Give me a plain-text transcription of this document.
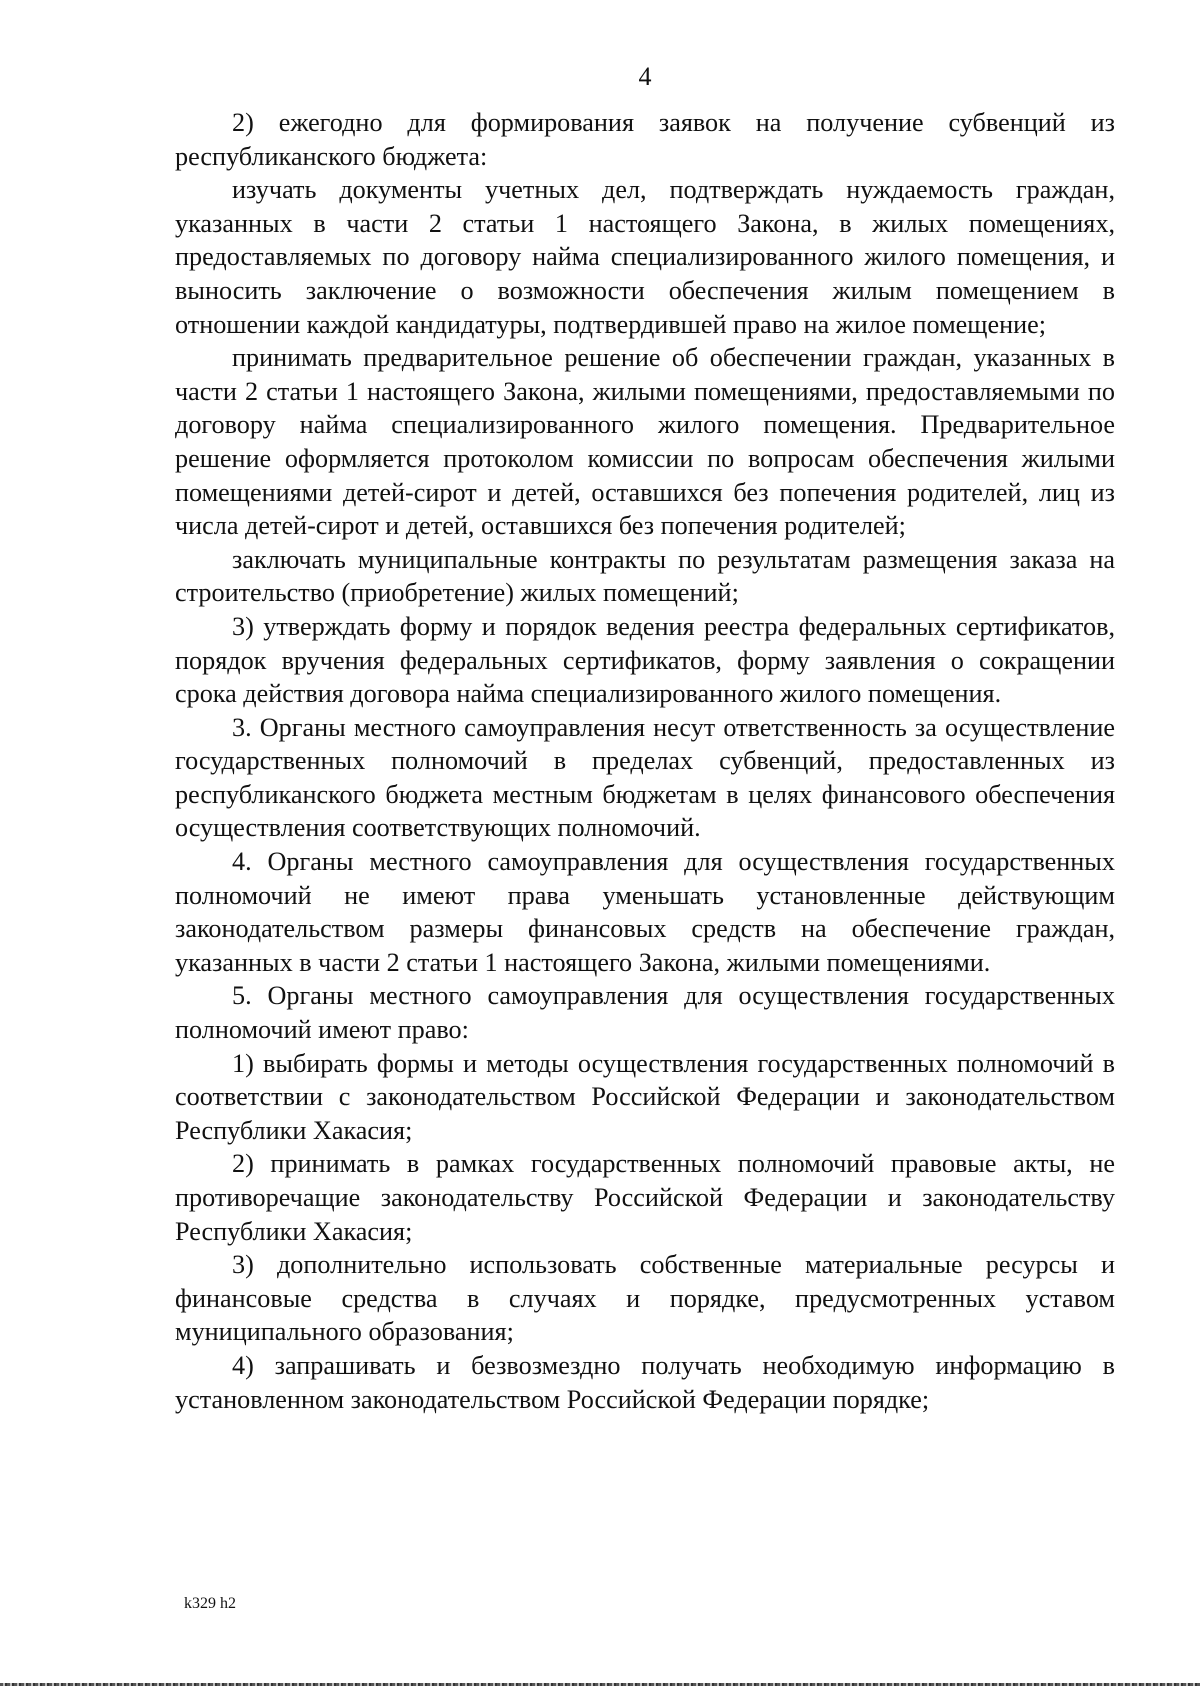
4

2) ежегодно для формирования заявок на получение субвенций из республиканского бюджета:

изучать документы учетных дел, подтверждать нуждаемость граждан, указанных в части 2 статьи 1 настоящего Закона, в жилых помещениях, предоставляемых по договору найма специализированного жилого помещения, и выносить заключение о возможности обеспечения жилым помещением в отношении каждой кандидатуры, подтвердившей право на жилое помещение;

принимать предварительное решение об обеспечении граждан, указанных в части 2 статьи 1 настоящего Закона, жилыми помещениями, предоставляемыми по договору найма специализированного жилого помещения. Предварительное решение оформляется протоколом комиссии по вопросам обеспечения жилыми помещениями детей-сирот и детей, оставшихся без попечения родителей, лиц из числа детей-сирот и детей, оставшихся без попечения родителей;

заключать муниципальные контракты по результатам размещения заказа на строительство (приобретение) жилых помещений;

3) утверждать форму и порядок ведения реестра федеральных сертификатов, порядок вручения федеральных сертификатов, форму заявления о сокращении срока действия договора найма специализированного жилого помещения.

3. Органы местного самоуправления несут ответственность за осуществление государственных полномочий в пределах субвенций, предоставленных из республиканского бюджета местным бюджетам в целях финансового обеспечения осуществления соответствующих полномочий.

4. Органы местного самоуправления для осуществления государственных полномочий не имеют права уменьшать установленные действующим законодательством размеры финансовых средств на обеспечение граждан, указанных в части 2 статьи 1 настоящего Закона, жилыми помещениями.

5. Органы местного самоуправления для осуществления государственных полномочий имеют право:

1) выбирать формы и методы осуществления государственных полномочий в соответствии с законодательством Российской Федерации и законодательством Республики Хакасия;

2) принимать в рамках государственных полномочий правовые акты, не противоречащие законодательству Российской Федерации и законодательству Республики Хакасия;

3) дополнительно использовать собственные материальные ресурсы и финансовые средства в случаях и порядке, предусмотренных уставом муниципального образования;

4) запрашивать и безвозмездно получать необходимую информацию в установленном законодательством Российской Федерации порядке;

k329 h2
